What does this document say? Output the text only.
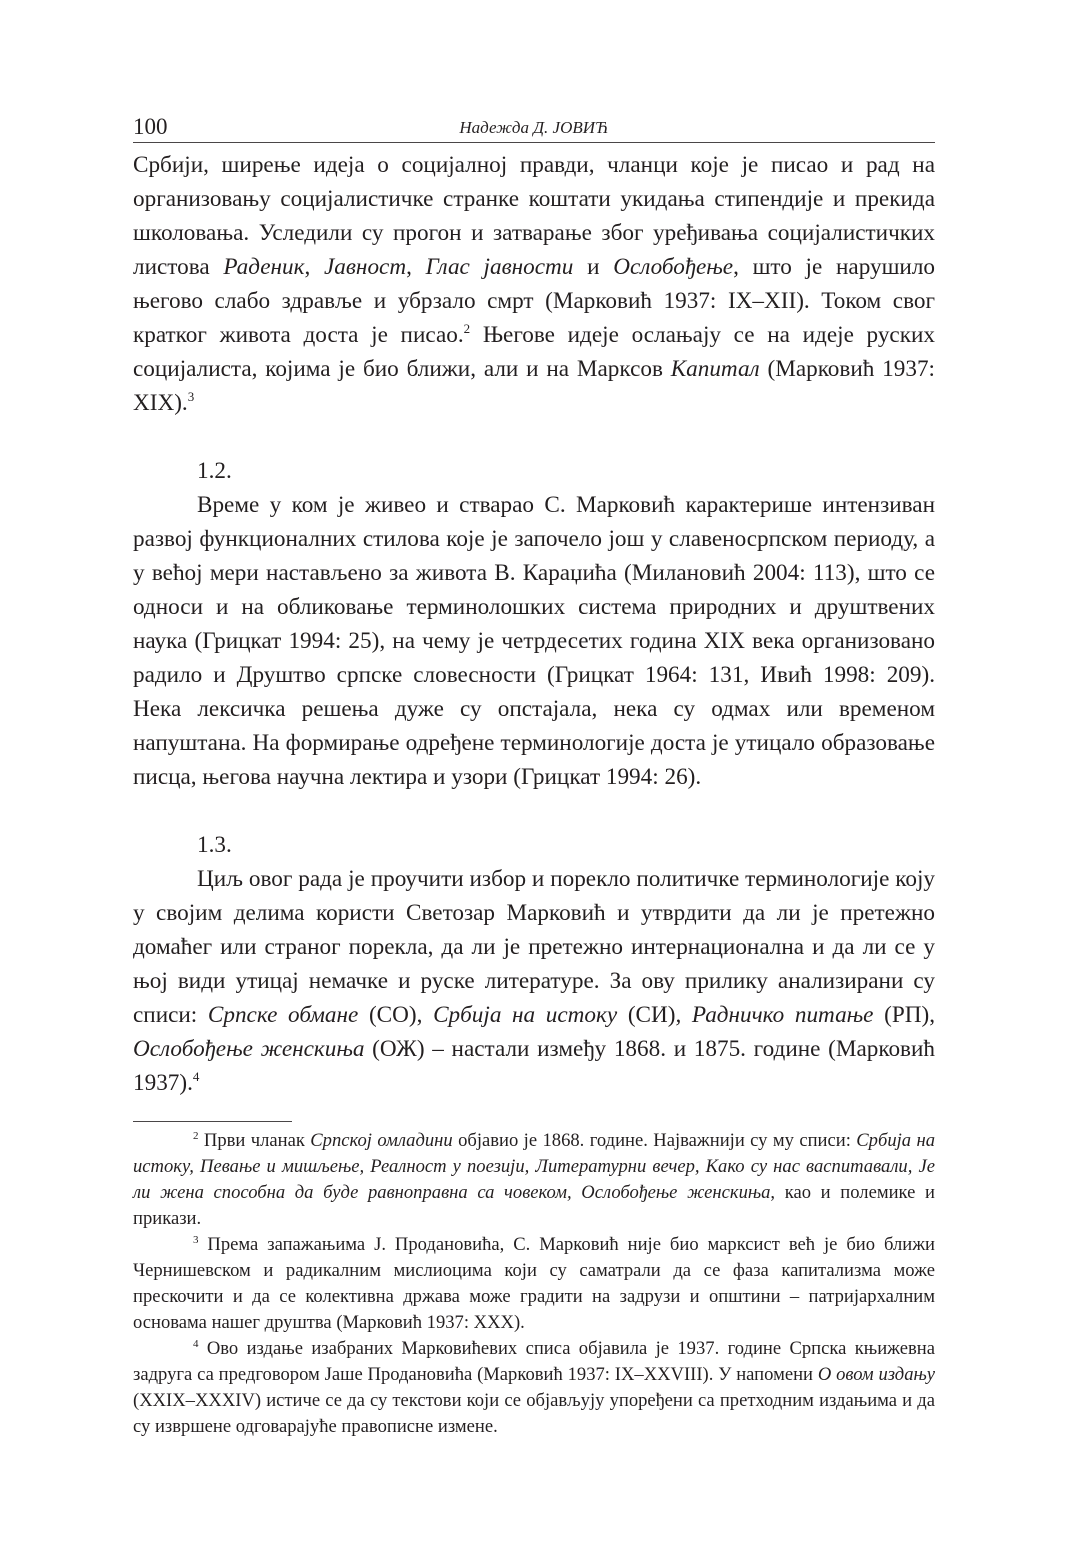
100	Надежда Д. ЈОВИЋ

Србији, ширење идеја о социјалној правди, чланци које је писао и рад на организовању социјалистичке странке коштати укидања стипендије и прекида школовања. Уследили су прогон и затварање због уређивања социјалистичких листова Раденик, Јавност, Глас јавности и Ослобођење, што је нарушило његово слабо здравље и убрзало смрт (Марковић 1937: IX–XII). Током свог кратког живота доста је писао.$^2$ Његове идеје ослањају се на идеје руских социјалиста, којима је био ближи, али и на Марксов Капитал (Марковић 1937: XIX).$^3$

1.2.

Време у ком је живео и стварао С. Марковић карактерише интензиван развој функционалних стилова које је започело још у славеносрпском периоду, а у већој мери настављено за живота В. Караџића (Милановић 2004: 113), што се односи и на обликовање терминолошких система природних и друштвених наука (Грицкат 1994: 25), на чему је четрдесетих година XIX века организовано радило и Друштво српске словесности (Грицкат 1964: 131, Ивић 1998: 209). Нека лексичка решења дуже су опстајала, нека су одмах или временом напуштана. На формирање одређене терминологије доста је утицало образовање писца, његова научна лектира и узори (Грицкат 1994: 26).

1.3.

Циљ овог рада је проучити избор и порекло политичке терминологије коју у својим делима користи Светозар Марковић и утврдити да ли је претежно домаћег или страног порекла, да ли је претежно интернационална и да ли се у њој види утицај немачке и руске литературе. За ову прилику анализирани су списи: Српске обмане (СО), Србија на истоку (СИ), Радничко питање (РП), Ослобођење женскиња (ОЖ) – настали између 1868. и 1875. године (Марковић 1937).$^4$

$^2$ Први чланак Српској омладини објавио је 1868. године. Најважнији су му списи: Србија на истоку, Певање и мишљење, Реалност у поезији, Литературни вечер, Како су нас васпитавали, Је ли жена способна да буде равноправна са човеком, Ослобођење женскиња, као и полемике и прикази.

$^3$ Према запажањима Ј. Продановића, С. Марковић није био марксист већ је био ближи Чернишевском и радикалним мислиоцима који су саматрали да се фаза капитализма може прескочити и да се колективна држава може градити на задрузи и општини – патријархалним основама нашег друштва (Марковић 1937: XXX).

$^4$ Ово издање изабраних Марковићевих списа објавила је 1937. године Српска књижевна задруга са предговором Јаше Продановића (Марковић 1937: IX–XXVIII). У напомени О овом издању (XXIX–XXXIV) истиче се да су текстови који се објављују упоређени са претходним издањима и да су извршене одговарајуће правописне измене.
